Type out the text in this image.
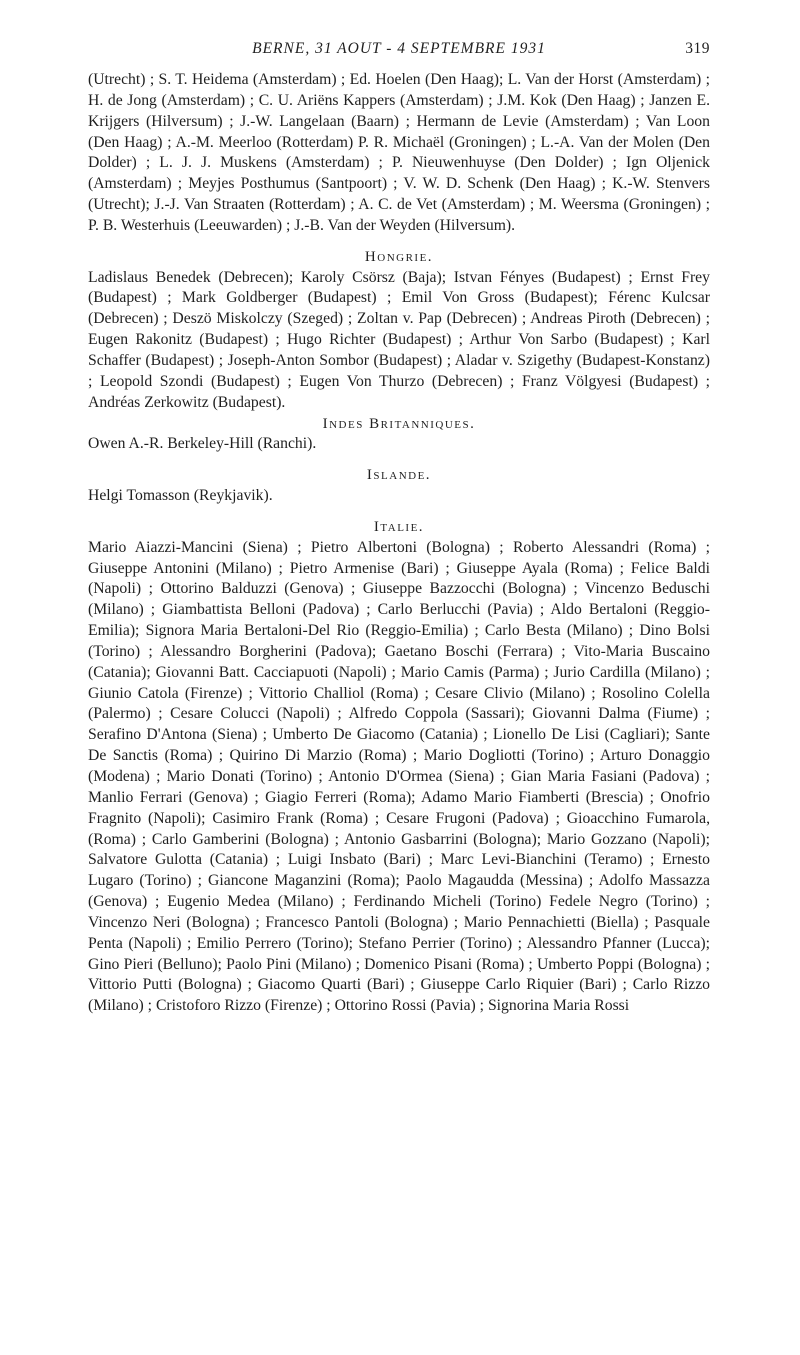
BERNE, 31 AOUT - 4 SEPTEMBRE 1931	319

(Utrecht) ; S. T. Heidema (Amsterdam) ; Ed. Hoelen (Den Haag); L. Van der Horst (Amsterdam) ; H. de Jong (Amsterdam) ; C. U. Ariëns Kappers (Amsterdam) ; J.M. Kok (Den Haag) ; Janzen E. Krijgers (Hilversum) ; J.-W. Langelaan (Baarn) ; Hermann de Levie (Amsterdam) ; Van Loon (Den Haag) ; A.-M. Meerloo (Rotterdam) P. R. Michaël (Groningen) ; L.-A. Van der Molen (Den Dolder) ; L. J. J. Muskens (Amsterdam) ; P. Nieuwenhuyse (Den Dolder) ; Ign Oljenick (Amsterdam) ; Meyjes Posthumus (Santpoort) ; V. W. D. Schenk (Den Haag) ; K.-W. Stenvers (Utrecht); J.-J. Van Straaten (Rotterdam) ; A. C. de Vet (Amsterdam) ; M. Weersma (Groningen) ; P. B. Westerhuis (Leeuwarden) ; J.-B. Van der Weyden (Hilversum).

Hongrie.

Ladislaus Benedek (Debrecen); Karoly Csörsz (Baja); Istvan Fényes (Budapest) ; Ernst Frey (Budapest) ; Mark Goldberger (Budapest) ; Emil Von Gross (Budapest); Férenc Kulcsar (Debrecen) ; Deszö Miskolczy (Szeged) ; Zoltan v. Pap (Debrecen) ; Andreas Piroth (Debrecen) ; Eugen Rakonitz (Budapest) ; Hugo Richter (Budapest) ; Arthur Von Sarbo (Budapest) ; Karl Schaffer (Budapest) ; Joseph-Anton Sombor (Budapest) ; Aladar v. Szigethy (Budapest-Konstanz) ; Leopold Szondi (Budapest) ; Eugen Von Thurzo (Debrecen) ; Franz Völgyesi (Budapest) ; Andréas Zerkowitz (Budapest).

Indes Britanniques.

Owen A.-R. Berkeley-Hill (Ranchi).

Islande.

Helgi Tomasson (Reykjavik).

Italie.

Mario Aiazzi-Mancini (Siena) ; Pietro Albertoni (Bologna) ; Roberto Alessandri (Roma) ; Giuseppe Antonini (Milano) ; Pietro Armenise (Bari) ; Giuseppe Ayala (Roma) ; Felice Baldi (Napoli) ; Ottorino Balduzzi (Genova) ; Giuseppe Bazzocchi (Bologna) ; Vincenzo Beduschi (Milano) ; Giambattista Belloni (Padova) ; Carlo Berlucchi (Pavia) ; Aldo Bertaloni (Reggio-Emilia); Signora Maria Bertaloni-Del Rio (Reggio-Emilia) ; Carlo Besta (Milano) ; Dino Bolsi (Torino) ; Alessandro Borgherini (Padova); Gaetano Boschi (Ferrara) ; Vito-Maria Buscaino (Catania); Giovanni Batt. Cacciapuoti (Napoli) ; Mario Camis (Parma) ; Jurio Cardilla (Milano) ; Giunio Catola (Firenze) ; Vittorio Challiol (Roma) ; Cesare Clivio (Milano) ; Rosolino Colella (Palermo) ; Cesare Colucci (Napoli) ; Alfredo Coppola (Sassari); Giovanni Dalma (Fiume) ; Serafino D'Antona (Siena) ; Umberto De Giacomo (Catania) ; Lionello De Lisi (Cagliari); Sante De Sanctis (Roma) ; Quirino Di Marzio (Roma) ; Mario Dogliotti (Torino) ; Arturo Donaggio (Modena) ; Mario Donati (Torino) ; Antonio D'Ormea (Siena) ; Gian Maria Fasiani (Padova) ; Manlio Ferrari (Genova) ; Giagio Ferreri (Roma); Adamo Mario Fiamberti (Brescia) ; Onofrio Fragnito (Napoli); Casimiro Frank (Roma) ; Cesare Frugoni (Padova) ; Gioacchino Fumarola, (Roma) ; Carlo Gamberini (Bologna) ; Antonio Gasbarrini (Bologna); Mario Gozzano (Napoli); Salvatore Gulotta (Catania) ; Luigi Insbato (Bari) ; Marc Levi-Bianchini (Teramo) ; Ernesto Lugaro (Torino) ; Giancone Maganzini (Roma); Paolo Magaudda (Messina) ; Adolfo Massazza (Genova) ; Eugenio Medea (Milano) ; Ferdinando Micheli (Torino) Fedele Negro (Torino) ; Vincenzo Neri (Bologna) ; Francesco Pantoli (Bologna) ; Mario Pennachietti (Biella) ; Pasquale Penta (Napoli) ; Emilio Perrero (Torino); Stefano Perrier (Torino) ; Alessandro Pfanner (Lucca); Gino Pieri (Belluno); Paolo Pini (Milano) ; Domenico Pisani (Roma) ; Umberto Poppi (Bologna) ; Vittorio Putti (Bologna) ; Giacomo Quarti (Bari) ; Giuseppe Carlo Riquier (Bari) ; Carlo Rizzo (Milano) ; Cristoforo Rizzo (Firenze) ; Ottorino Rossi (Pavia) ; Signorina Maria Rossi
